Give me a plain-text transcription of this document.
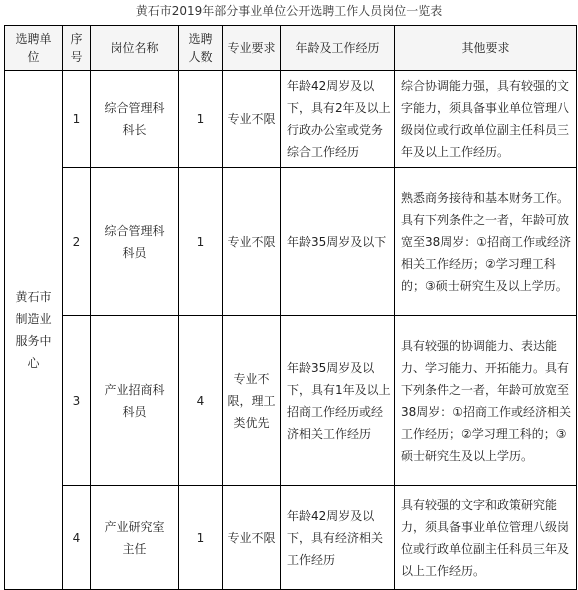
黄石市2019年部分事业单位公开选聘工作人员岗位一览表
选聘单位	序号	岗位名称	选聘人数	专业要求	年龄及工作经历	其他要求
黄石市制造业服务中心	1	综合管理科科长	1	专业不限	年龄42周岁及以下，具有2年及以上行政办公室或党务综合工作经历	综合协调能力强，具有较强的文字能力，须具备事业单位管理八级岗位或行政单位副主任科员三年及以上工作经历。
	2	综合管理科科员	1	专业不限	年龄35周岁及以下	熟悉商务接待和基本财务工作。具有下列条件之一者，年龄可放宽至38周岁：①招商工作或经济相关工作经历；②学习理工科的；③硕士研究生及以上学历。
	3	产业招商科科员	4	专业不限，理工类优先	年龄35周岁及以下，具有1年及以上招商工作经历或经济相关工作经历	具有较强的协调能力、表达能力、学习能力、开拓能力。具有下列条件之一者，年龄可放宽至38周岁：①招商工作或经济相关工作经历；②学习理工科的；③硕士研究生及以上学历。
	4	产业研究室主任	1	专业不限	年龄42周岁及以下，具有经济相关工作经历	具有较强的文字和政策研究能力，须具备事业单位管理八级岗位或行政单位副主任科员三年及以上工作经历。
